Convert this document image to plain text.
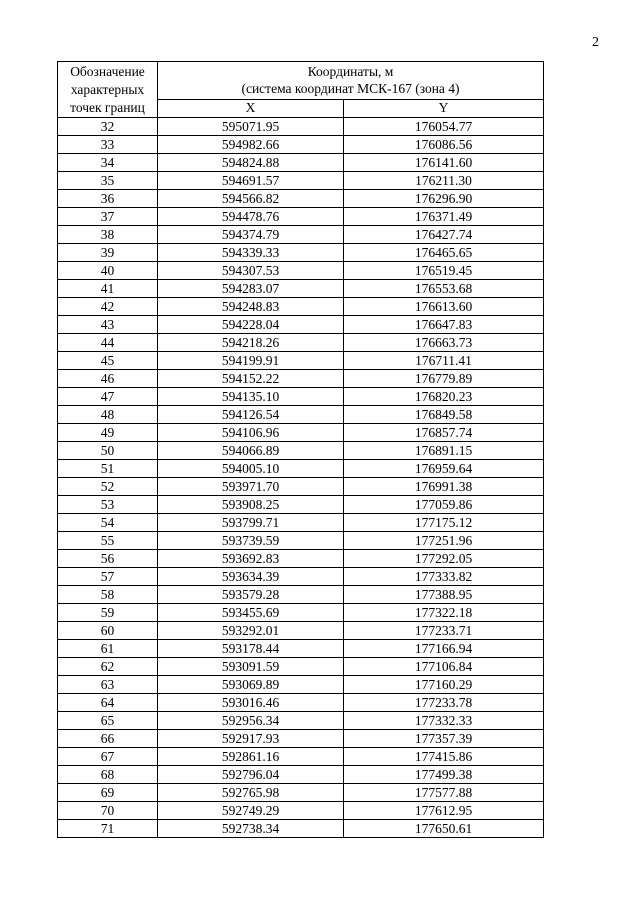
2
Обозначение
характерных
точек границ	Координаты, м
(система координат МСК-167 (зона 4)	
	X	Y
32	595071.95	176054.77
33	594982.66	176086.56
34	594824.88	176141.60
35	594691.57	176211.30
36	594566.82	176296.90
37	594478.76	176371.49
38	594374.79	176427.74
39	594339.33	176465.65
40	594307.53	176519.45
41	594283.07	176553.68
42	594248.83	176613.60
43	594228.04	176647.83
44	594218.26	176663.73
45	594199.91	176711.41
46	594152.22	176779.89
47	594135.10	176820.23
48	594126.54	176849.58
49	594106.96	176857.74
50	594066.89	176891.15
51	594005.10	176959.64
52	593971.70	176991.38
53	593908.25	177059.86
54	593799.71	177175.12
55	593739.59	177251.96
56	593692.83	177292.05
57	593634.39	177333.82
58	593579.28	177388.95
59	593455.69	177322.18
60	593292.01	177233.71
61	593178.44	177166.94
62	593091.59	177106.84
63	593069.89	177160.29
64	593016.46	177233.78
65	592956.34	177332.33
66	592917.93	177357.39
67	592861.16	177415.86
68	592796.04	177499.38
69	592765.98	177577.88
70	592749.29	177612.95
71	592738.34	177650.61
